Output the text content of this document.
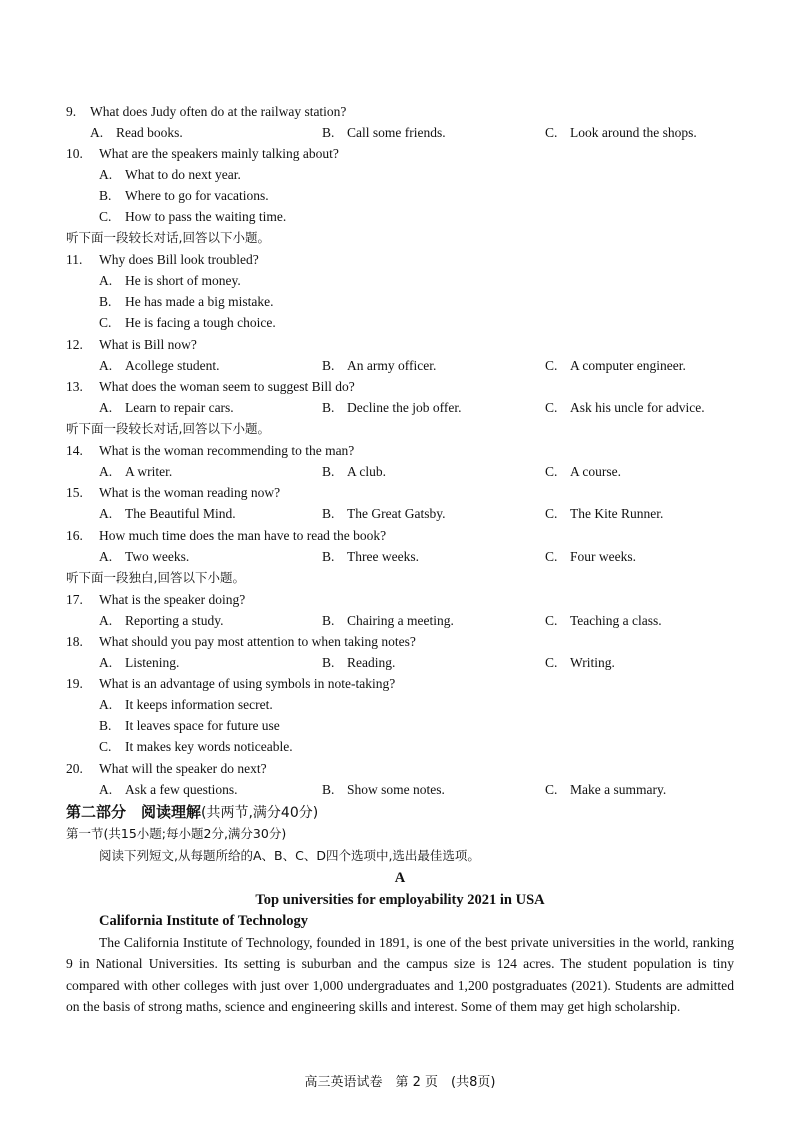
9. What does Judy often do at the railway station?
A. Read books.	B. Call some friends.	C. Look around the shops.
10. What are the speakers mainly talking about?
A. What to do next year.
B. Where to go for vacations.
C. How to pass the waiting time.
听下面一段较长对话,回答以下小题。
11. Why does Bill look troubled?
A. He is short of money.
B. He has made a big mistake.
C. He is facing a tough choice.
12. What is Bill now?
A. Acollege student.	B. An army officer.	C. A computer engineer.
13. What does the woman seem to suggest Bill do?
A. Learn to repair cars.	B. Decline the job offer.	C. Ask his uncle for advice.
听下面一段较长对话,回答以下小题。
14. What is the woman recommending to the man?
A. A writer.	B. A club.	C. A course.
15. What is the woman reading now?
A. The Beautiful Mind.	B. The Great Gatsby.	C. The Kite Runner.
16. How much time does the man have to read the book?
A. Two weeks.	B. Three weeks.	C. Four weeks.
听下面一段独白,回答以下小题。
17. What is the speaker doing?
A. Reporting a study.	B. Chairing a meeting.	C. Teaching a class.
18. What should you pay most attention to when taking notes?
A. Listening.	B. Reading.	C. Writing.
19. What is an advantage of using symbols in note-taking?
A. It keeps information secret.
B. It leaves space for future use
C. It makes key words noticeable.
20. What will the speaker do next?
A. Ask a few questions.	B. Show some notes.	C. Make a summary.
第二部分　阅读理解(共两节,满分40分)
第一节(共15小题;每小题2分,满分30分)
阅读下列短文,从每题所给的A、B、C、D四个选项中,选出最佳选项。
A
Top universities for employability 2021 in USA
California Institute of Technology
The California Institute of Technology, founded in 1891, is one of the best private universities in the world, ranking 9 in National Universities. Its setting is suburban and the campus size is 124 acres. The student population is tiny compared with other colleges with just over 1,000 undergraduates and 1,200 postgraduates (2021). Students are admitted on the basis of strong maths, science and engineering skills and interest. Some of them may get high scholarship.
高三英语试卷　第 2 页　(共8页)
